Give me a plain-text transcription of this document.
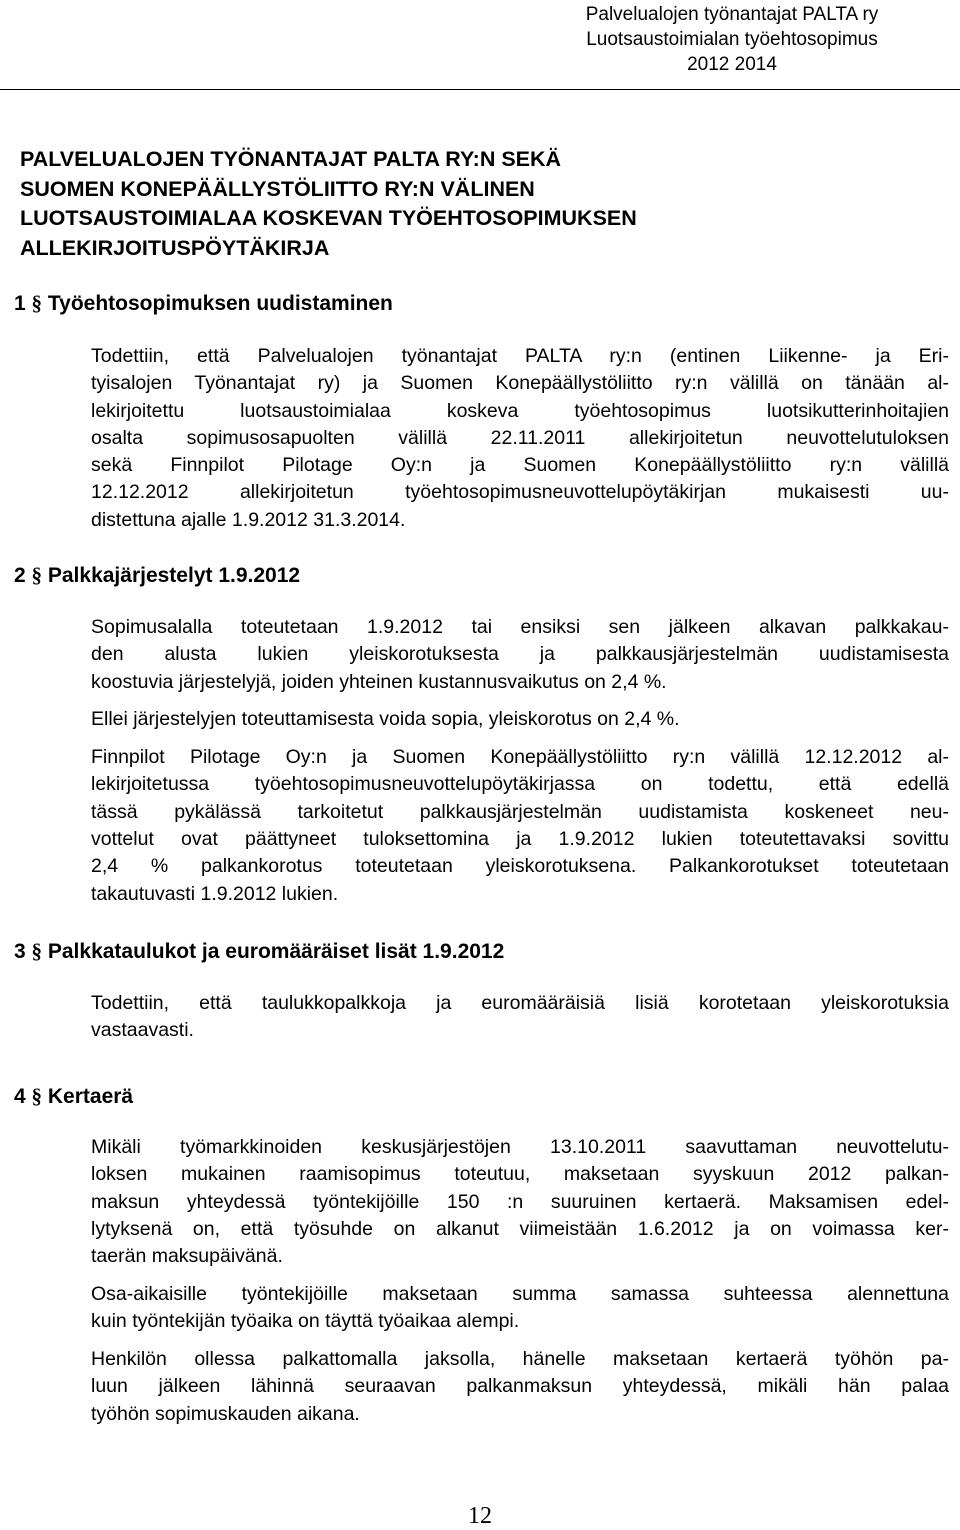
Palvelualojen työnantajat PALTA ry
Luotsaustoimialan työehtosopimus
2012 2014
PALVELUALOJEN TYÖNANTAJAT PALTA RY:N SEKÄ
SUOMEN KONEPÄÄLLYSTÖLIITTO RY:N VÄLINEN
LUOTSAUSTOIMIALAA KOSKEVAN TYÖEHTOSOPIMUKSEN
ALLEKIRJOITUSPÖYTÄKIRJA
1 § Työehtosopimuksen uudistaminen

Todettiin, että Palvelualojen työnantajat PALTA ry:n (entinen Liikenne- ja Eri-
tyisalojen Työnantajat ry) ja Suomen Konepäällystöliitto ry:n välillä on tänään al-
lekirjoitettu luotsaustoimialaa koskeva työehtosopimus luotsikutterinhoitajien
osalta sopimusosapuolten välillä 22.11.2011 allekirjoitetun neuvottelutuloksen
sekä Finnpilot Pilotage Oy:n ja Suomen Konepäällystöliitto ry:n välillä
12.12.2012 allekirjoitetun työehtosopimusneuvottelupöytäkirjan mukaisesti uu-
distettuna ajalle 1.9.2012 31.3.2014.

2 § Palkkajärjestelyt 1.9.2012

Sopimusalalla toteutetaan 1.9.2012 tai ensiksi sen jälkeen alkavan palkkakau-
den alusta lukien yleiskorotuksesta ja palkkausjärjestelmän uudistamisesta
koostuvia järjestelyjä, joiden yhteinen kustannusvaikutus on 2,4 %.

Ellei järjestelyjen toteuttamisesta voida sopia, yleiskorotus on 2,4 %.

Finnpilot Pilotage Oy:n ja Suomen Konepäällystöliitto ry:n välillä 12.12.2012 al-
lekirjoitetussa työehtosopimusneuvottelupöytäkirjassa on todettu, että edellä
tässä pykälässä tarkoitetut palkkausjärjestelmän uudistamista koskeneet neu-
vottelut ovat päättyneet tuloksettomina ja 1.9.2012 lukien toteutettavaksi sovittu
2,4 % palkankorotus toteutetaan yleiskorotuksena. Palkankorotukset toteutetaan
takautuvasti 1.9.2012 lukien.

3 § Palkkataulukot ja euromääräiset lisät 1.9.2012

Todettiin, että taulukkopalkkoja ja euromääräisiä lisiä korotetaan yleiskorotuksia
vastaavasti.

4 § Kertaerä

Mikäli työmarkkinoiden keskusjärjestöjen 13.10.2011 saavuttaman neuvottelutu-
loksen mukainen raamisopimus toteutuu, maksetaan syyskuun 2012 palkan-
maksun yhteydessä työntekijöille 150 :n suuruinen kertaerä. Maksamisen edel-
lytyksenä on, että työsuhde on alkanut viimeistään 1.6.2012 ja on voimassa ker-
taerän maksupäivänä.

Osa-aikaisille työntekijöille maksetaan summa samassa suhteessa alennettuna
kuin työntekijän työaika on täyttä työaikaa alempi.

Henkilön ollessa palkattomalla jaksolla, hänelle maksetaan kertaerä työhön pa-
luun jälkeen lähinnä seuraavan palkanmaksun yhteydessä, mikäli hän palaa
työhön sopimuskauden aikana.

12
